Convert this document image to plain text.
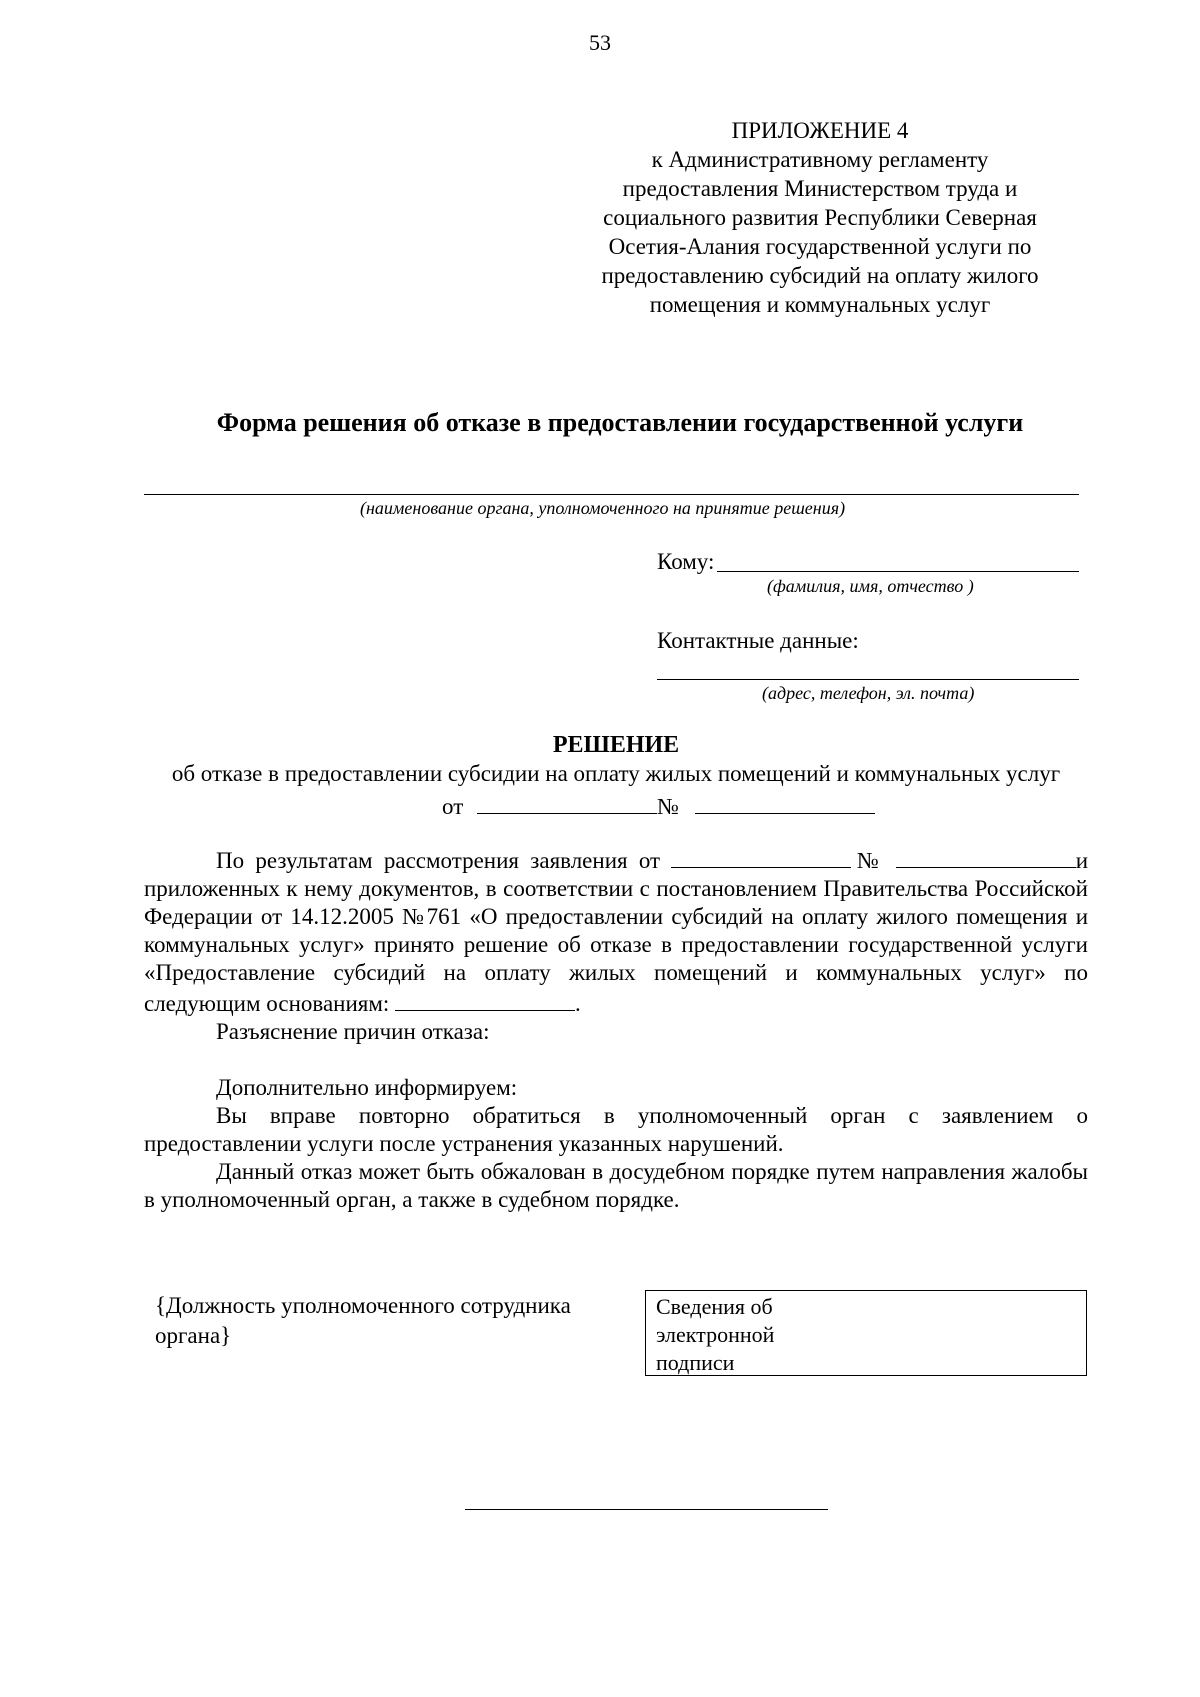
53
ПРИЛОЖЕНИЕ 4
к Административному регламенту
предоставления Министерством труда и
социального развития Республики Северная
Осетия-Алания государственной услуги по
предоставлению субсидий на оплату жилого
помещения и коммунальных услуг
Форма решения об отказе в предоставлении государственной услуги
(наименование органа, уполномоченного на принятие решения)
Кому:
(фамилия, имя, отчество )
Контактные данные:
(адрес, телефон, эл. почта)
РЕШЕНИЕ
об отказе в предоставлении субсидии на оплату жилых помещений и коммунальных услуг
от	№

По результатам рассмотрения заявления от	№	и приложенных к нему документов, в соответствии с постановлением Правительства Российской Федерации от 14.12.2005 №761 «О предоставлении субсидий на оплату жилого помещения и коммунальных услуг» принято решение об отказе в предоставлении государственной услуги «Предоставление субсидий на оплату жилых помещений и коммунальных услуг» по следующим основаниям:	.

Разъяснение причин отказа:

Дополнительно информируем:

Вы вправе повторно обратиться в уполномоченный орган с заявлением о предоставлении услуги после устранения указанных нарушений.

Данный отказ может быть обжалован в досудебном порядке путем направления жалобы в уполномоченный орган, а также в судебном порядке.

{Должность уполномоченного сотрудника
органа}
Сведения об
электронной
подписи
